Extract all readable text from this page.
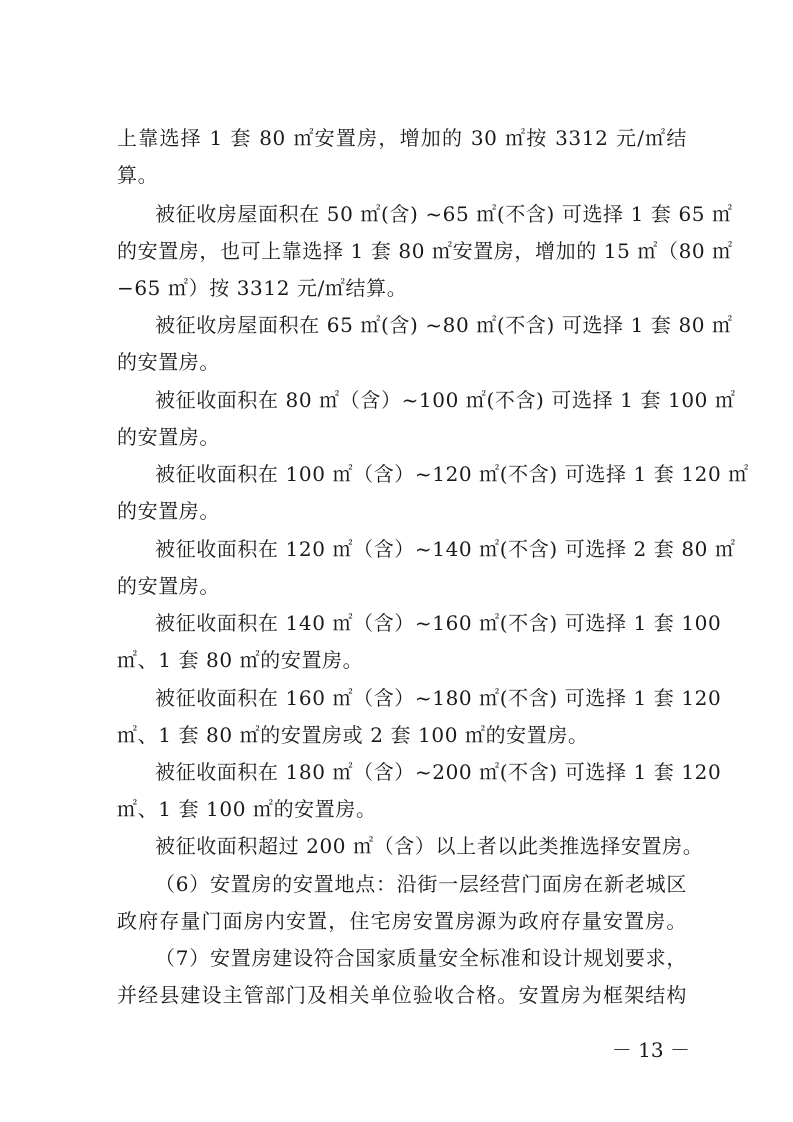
上靠选择 1 套 80 ㎡安置房，增加的 30 ㎡按 3312 元/㎡结
算。
被征收房屋面积在 50 ㎡(含) ~65 ㎡(不含) 可选择 1 套 65 ㎡
的安置房，也可上靠选择 1 套 80 ㎡安置房，增加的 15 ㎡（80 ㎡
−65 ㎡）按 3312 元/㎡结算。
被征收房屋面积在 65 ㎡(含) ~80 ㎡(不含) 可选择 1 套 80 ㎡
的安置房。
被征收面积在 80 ㎡（含）~100 ㎡(不含) 可选择 1 套 100 ㎡
的安置房。
被征收面积在 100 ㎡（含）~120 ㎡(不含) 可选择 1 套 120 ㎡
的安置房。
被征收面积在 120 ㎡（含）~140 ㎡(不含) 可选择 2 套 80 ㎡
的安置房。
被征收面积在 140 ㎡（含）~160 ㎡(不含) 可选择 1 套 100
㎡、1 套 80 ㎡的安置房。
被征收面积在 160 ㎡（含）~180 ㎡(不含) 可选择 1 套 120
㎡、1 套 80 ㎡的安置房或 2 套 100 ㎡的安置房。
被征收面积在 180 ㎡（含）~200 ㎡(不含) 可选择 1 套 120
㎡、1 套 100 ㎡的安置房。
被征收面积超过 200 ㎡（含）以上者以此类推选择安置房。
（6）安置房的安置地点：沿街一层经营门面房在新老城区
政府存量门面房内安置，住宅房安置房源为政府存量安置房。
（7）安置房建设符合国家质量安全标准和设计规划要求，
并经县建设主管部门及相关单位验收合格。安置房为框架结构
－ 13 －
